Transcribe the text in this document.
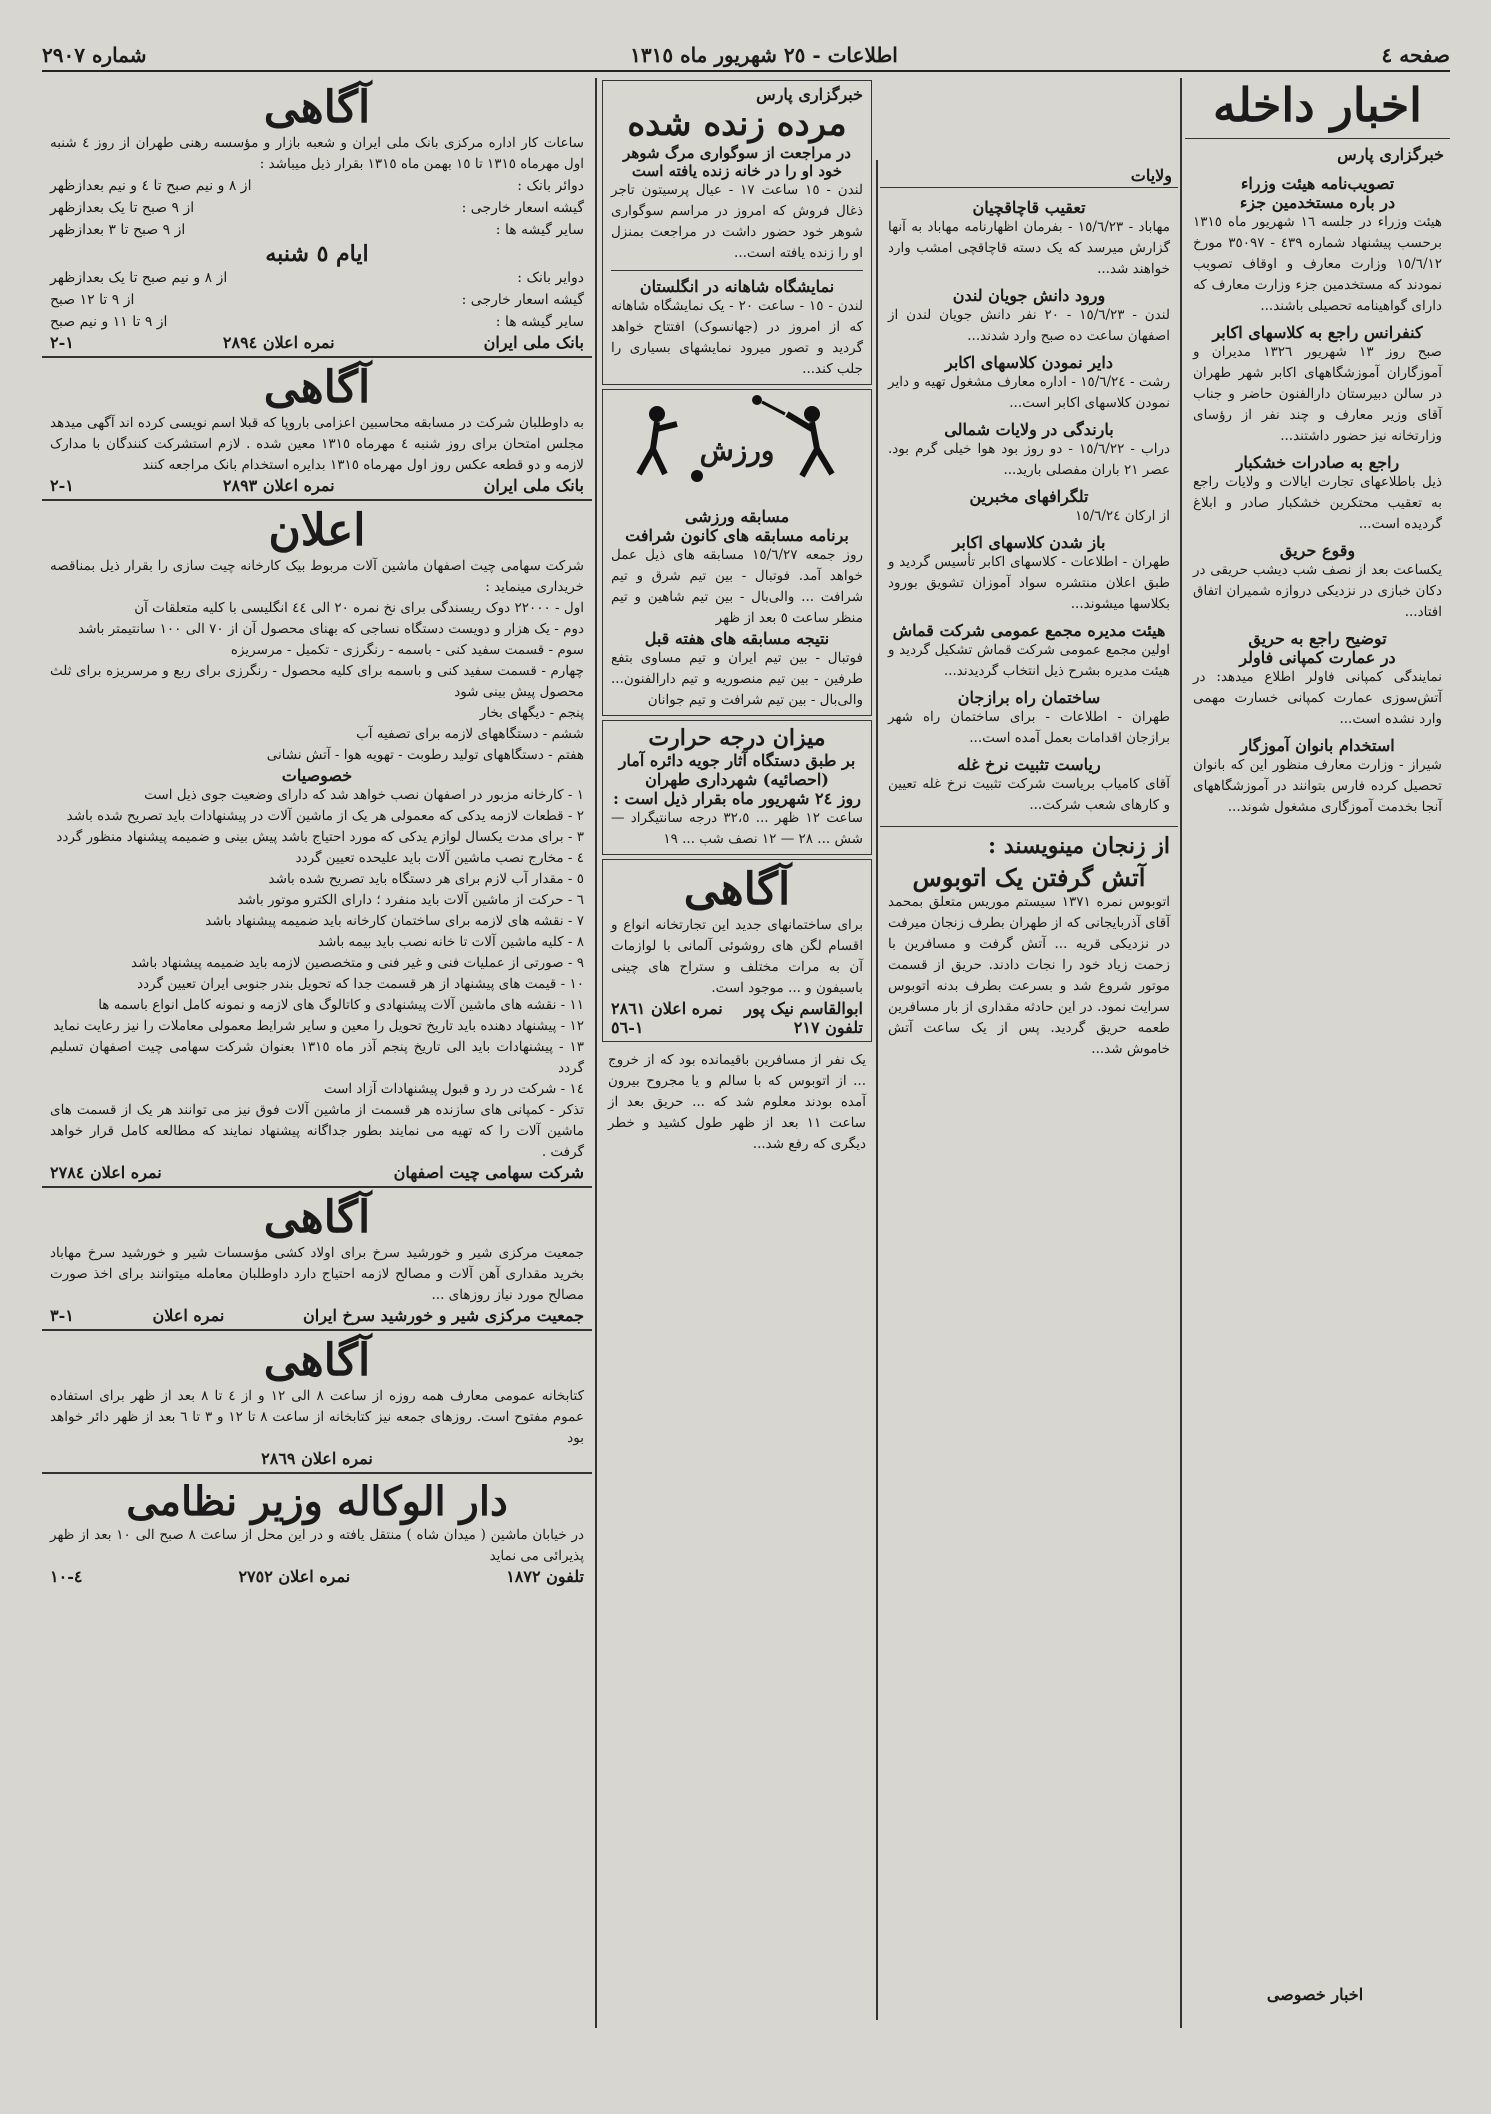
صفحه ٤
اطلاعات - ٢٥ شهریور ماه ١٣١٥
شماره ٢٩٠٧
اخبار داخله
خبرگزاری پارس
تصویب‌نامه هیئت وزراء
در باره مستخدمین جزء
هیئت وزراء در جلسه ١٦ شهریور ماه ١٣١٥ برحسب پیشنهاد شماره ٤٣٩ - ٣٥٠٩٧ مورخ ١٥/٦/١٢ وزارت معارف و اوقاف تصویب نمودند که مستخدمین جزء وزارت معارف که دارای گواهینامه تحصیلی باشند...
کنفرانس راجع به کلاسهای اکابر
صبح روز ١٣ شهریور ١٣٢٦ مدیران و آموزگاران آموزشگاههای اکابر شهر طهران در سالن دبیرستان دارالفنون حاضر و جناب آقای وزیر معارف و چند نفر از رؤسای وزارتخانه نیز حضور داشتند...
راجع به صادرات خشکبار
ذیل باطلاعهای تجارت ایالات و ولایات راجع به تعقیب محتکرین خشکبار صادر و ابلاغ گردیده است...
وقوع حریق
یکساعت بعد از نصف شب دیشب حریقی در دکان خبازی در نزدیکی دروازه شمیران اتفاق افتاد...
توضیح راجع به حریق
در عمارت کمپانی فاولر
نمایندگی کمپانی فاولر اطلاع میدهد: در آتش‌سوزی عمارت کمپانی خسارت مهمی وارد نشده است...
استخدام بانوان آموزگار
شیراز - وزارت معارف منظور این که بانوان تحصیل کرده فارس بتوانند در آموزشگاههای آنجا بخدمت آموزگاری مشغول شوند...
ولایات
تعقیب قاچاقچیان
مهاباد - ١٥/٦/٢٣ - بفرمان اظهارنامه مهاباد به آنها گزارش میرسد که یک دسته قاچاقچی امشب وارد خواهند شد...
ورود دانش جویان لندن
لندن - ١٥/٦/٢٣ - ٢٠ نفر دانش جویان لندن از اصفهان ساعت ده صبح وارد شدند...
دایر نمودن کلاسهای اکابر
رشت - ١٥/٦/٢٤ - اداره معارف مشغول تهیه و دایر نمودن کلاسهای اکابر است...
بارندگی در ولایات شمالی
دراب - ١٥/٦/٢٢ - دو روز بود هوا خیلی گرم بود. عصر ٢١ باران مفصلی بارید...
تلگرافهای مخبرین
از ارکان ١٥/٦/٢٤
باز شدن کلاسهای اکابر
طهران - اطلاعات - کلاسهای اکابر تأسیس گردید و طبق اعلان منتشره سواد آموزان تشویق بورود بکلاسها میشوند...
هیئت مدیره مجمع عمومی شرکت قماش
اولین مجمع عمومی شرکت قماش تشکیل گردید و هیئت مدیره بشرح ذیل انتخاب گردیدند...
ساختمان راه برازجان
طهران - اطلاعات - برای ساختمان راه شهر برازجان اقدامات بعمل آمده است...
ریاست تثبیت نرخ غله
آقای کامیاب بریاست شرکت تثبیت نرخ غله تعیین و کارهای شعب شرکت...
از زنجان مینویسند :
آتش گرفتن یک اتوبوس
اتوبوس نمره ١٣٧١ سیستم موریس متعلق بمحمد آقای آذربایجانی که از طهران بطرف زنجان میرفت در نزدیکی قریه ... آتش گرفت و مسافرین با زحمت زیاد خود را نجات دادند. حریق از قسمت موتور شروع شد و بسرعت بطرف بدنه اتوبوس سرایت نمود. در این حادثه مقداری از بار مسافرین طعمه حریق گردید. پس از یک ساعت آتش خاموش شد...
خبرگزاری پارس
مرده زنده شده
در مراجعت از سوگواری مرگ شوهر خود او را در خانه زنده یافته است
لندن - ١٥ ساعت ١٧ - عیال پرسیتون تاجر ذغال فروش که امروز در مراسم سوگواری شوهر خود حضور داشت در مراجعت بمنزل او را زنده یافته است...
نمایشگاه شاهانه در انگلستان
لندن - ١٥ - ساعت ٢٠ - یک نمایشگاه شاهانه که از امروز در (جهانسوک) افتتاح خواهد گردید و تصور میرود نمایشهای بسیاری را جلب کند...
ورزش
مسابقه ورزشی
برنامه مسابقه های کانون شرافت
روز جمعه ١٥/٦/٢٧ مسابقه های ذیل عمل خواهد آمد. فوتبال - بین تیم شرق و تیم شرافت ... والی‌بال - بین تیم شاهین و تیم منظر ساعت ٥ بعد از ظهر
نتیجه مسابقه های هفته قبل
فوتبال - بین تیم ایران و تیم مساوی بتفع طرفین - بین تیم منصوریه و تیم دارالفنون... والی‌بال - بین تیم شرافت و تیم جوانان
میزان درجه حرارت
بر طبق دستگاه آثار جویه دائره آمار (احصائیه) شهرداری طهران
روز ٢٤ شهریور ماه بقرار ذیل است :
ساعت ١٢ ظهر ... ٣٢،٥ درجه سانتیگراد — شش ... ٢٨ — ١٢ نصف شب ... ١٩
آگاهی
برای ساختمانهای جدید این تجارتخانه انواع و اقسام لگن های روشوئی آلمانی با لوازمات آن به مرات مختلف و ستراح های چینی باسیفون و ... موجود است.
ابوالقاسم نیک پور
نمره اعلان ٢٨٦١
تلفون ٢١٧
١-٥٦
یک نفر از مسافرین باقیمانده بود که از خروج ... از اتوبوس که با سالم و یا مجروح بیرون آمده بودند معلوم شد که ... حریق بعد از ساعت ١١ بعد از ظهر طول کشید و خطر دیگری که رفع شد...
آگاهی
ساعات کار اداره مرکزی بانک ملی ایران و شعبه بازار و مؤسسه رهنی طهران از روز ٤ شنبه اول مهرماه ١٣١٥ تا ١٥ بهمن ماه ١٣١٥ بقرار ذیل میباشد :
دوائر بانک :
از ٨ و نیم صبح تا ٤ و نیم بعدازظهر
گیشه اسعار خارجی :
از ٩ صبح تا یک بعدازظهر
سایر گیشه ها :
از ٩ صبح تا ٣ بعدازظهر
ایام ٥ شنبه
دوایر بانک :
از ٨ و نیم صبح تا یک بعدازظهر
گیشه اسعار خارجی :
از ٩ تا ١٢ صبح
سایر گیشه ها :
از ٩ تا ١١ و نیم صبح
بانک ملی ایران
نمره اعلان ٢٨٩٤
١-٢
آگاهی
به داوطلبان شرکت در مسابقه محاسبین اعزامی باروپا که قبلا اسم نویسی کرده اند آگهی میدهد مجلس امتحان برای روز شنبه ٤ مهرماه ١٣١٥ معین شده . لازم استشرکت کنندگان با مدارک لازمه و دو قطعه عکس روز اول مهرماه ١٣١٥ بدایره استخدام بانک مراجعه کنند
بانک ملی ایران
نمره اعلان ٢٨٩٣
١-٢
اعلان
شرکت سهامی چیت اصفهان ماشین آلات مربوط بیک کارخانه چیت سازی را بقرار ذیل بمناقصه خریداری مینماید :
اول - ٢٢٠٠٠ دوک ریسندگی برای نخ نمره ٢٠ الی ٤٤ انگلیسی با کلیه متعلقات آن
دوم - یک هزار و دویست دستگاه نساجی که بهنای محصول آن از ٧٠ الی ١٠٠ سانتیمتر باشد
سوم - قسمت سفید کنی - باسمه - رنگرزی - تکمیل - مرسریزه
چهارم - قسمت سفید کنی و باسمه برای کلیه محصول - رنگرزی برای ربع و مرسریزه برای ثلث محصول پیش بینی شود
پنجم - دیگهای بخار
ششم - دستگاههای لازمه برای تصفیه آب
هفتم - دستگاههای تولید رطوبت - تهویه هوا - آتش نشانی
خصوصیات
١ - کارخانه مزبور در اصفهان نصب خواهد شد که دارای وضعیت جوی ذیل است
٢ - قطعات لازمه یدکی که معمولی هر یک از ماشین آلات در پیشنهادات باید تصریح شده باشد
٣ - برای مدت یکسال لوازم یدکی که مورد احتیاج باشد پیش بینی و ضمیمه پیشنهاد منظور گردد
٤ - مخارج نصب ماشین آلات باید علیحده تعیین گردد
٥ - مقدار آب لازم برای هر دستگاه باید تصریح شده باشد
٦ - حرکت از ماشین آلات باید منفرد ؛ دارای الکترو موتور باشد
٧ - نقشه های لازمه برای ساختمان کارخانه باید ضمیمه پیشنهاد باشد
٨ - کلیه ماشین آلات تا خانه نصب باید بیمه باشد
٩ - صورتی از عملیات فنی و غیر فنی و متخصصین لازمه باید ضمیمه پیشنهاد باشد
١٠ - قیمت های پیشنهاد از هر قسمت جدا که تحویل بندر جنوبی ایران تعیین گردد
١١ - نقشه های ماشین آلات پیشنهادی و کاتالوگ های لازمه و نمونه کامل انواع باسمه ها
١٢ - پیشنهاد دهنده باید تاریخ تحویل را معین و سایر شرایط معمولی معاملات را نیز رعایت نماید
١٣ - پیشنهادات باید الی تاریخ پنجم آذر ماه ١٣١٥ بعنوان شرکت سهامی چیت اصفهان تسلیم گردد
١٤ - شرکت در رد و قبول پیشنهادات آزاد است
تذکر - کمپانی های سازنده هر قسمت از ماشین آلات فوق نیز می توانند هر یک از قسمت های ماشین آلات را که تهیه می نمایند بطور جداگانه پیشنهاد نمایند که مطالعه کامل قرار خواهد گرفت .
شرکت سهامی چیت اصفهان
نمره اعلان ٢٧٨٤
آگاهی
جمعیت مرکزی شیر و خورشید سرخ برای اولاد کشی مؤسسات شیر و خورشید سرخ مهاباد بخرید مقداری آهن آلات و مصالح لازمه احتیاج دارد داوطلبان معامله میتوانند برای اخذ صورت مصالح مورد نیاز روزهای ...
جمعیت مرکزی شیر و خورشید سرخ ایران
نمره اعلان
١-٣
آگاهی
کتابخانه عمومی معارف همه روزه از ساعت ٨ الی ١٢ و از ٤ تا ٨ بعد از ظهر برای استفاده عموم مفتوح است. روزهای جمعه نیز کتابخانه از ساعت ٨ تا ١٢ و ٣ تا ٦ بعد از ظهر دائر خواهد بود
نمره اعلان ٢٨٦٩
دار الوکاله وزیر نظامی
در خیابان ماشین ( میدان شاه ) منتقل یافته و در این محل از ساعت ٨ صبح الی ١٠ بعد از ظهر پذیرائی می نماید
تلفون ١٨٧٢
نمره اعلان ٢٧٥٢
٤-١٠
اخبار خصوصی
